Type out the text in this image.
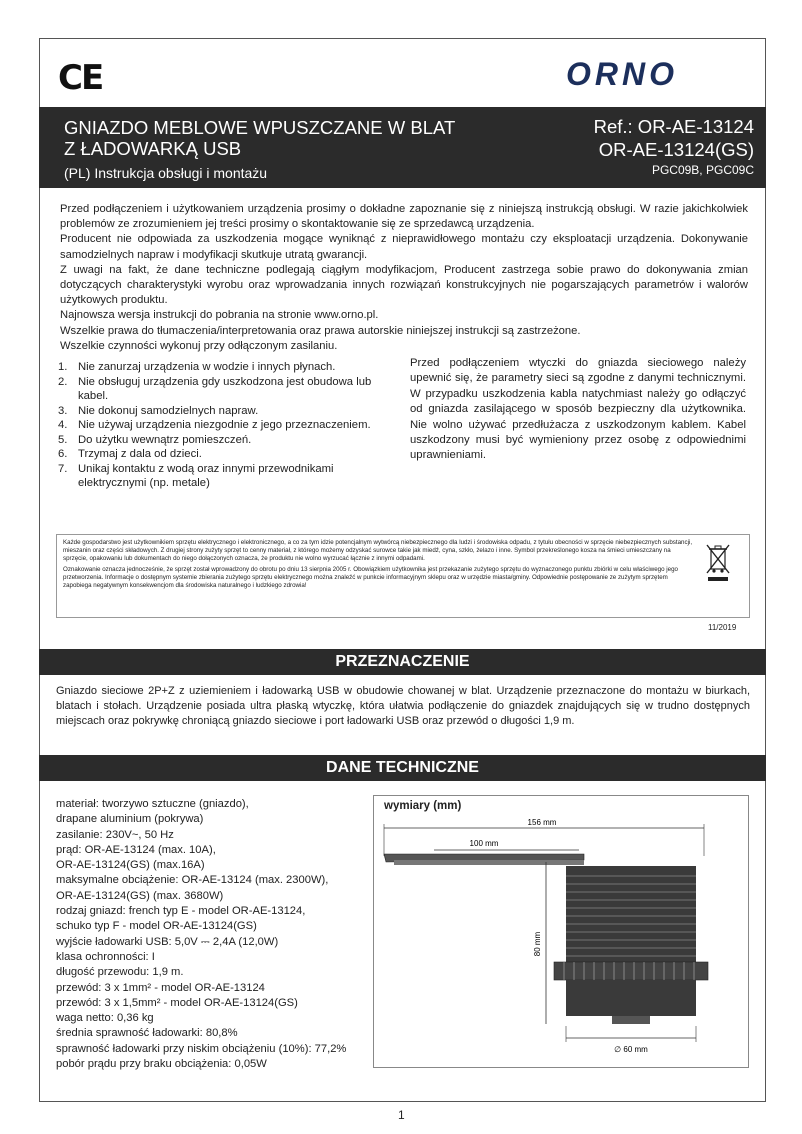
CE	ORNO
GNIAZDO MEBLOWE WPUSZCZANE W BLAT
Z ŁADOWARKĄ USB
(PL) Instrukcja obsługi i montażu
Ref.: OR-AE-13124
OR-AE-13124(GS)
PGC09B, PGC09C

Przed podłączeniem i użytkowaniem urządzenia prosimy o dokładne zapoznanie się z niniejszą instrukcją obsługi. W razie jakichkolwiek problemów ze zrozumieniem jej treści prosimy o skontaktowanie się ze sprzedawcą urządzenia.

Producent nie odpowiada za uszkodzenia mogące wyniknąć z nieprawidłowego montażu czy eksploatacji urządzenia. Dokonywanie samodzielnych napraw i modyfikacji skutkuje utratą gwarancji.

Z uwagi na fakt, że dane techniczne podlegają ciągłym modyfikacjom, Producent zastrzega sobie prawo do dokonywania zmian dotyczących charakterystyki wyrobu oraz wprowadzania innych rozwiązań konstrukcyjnych nie pogarszających parametrów i walorów użytkowych produktu.

Najnowsza wersja instrukcji do pobrania na stronie www.orno.pl.

Wszelkie prawa do tłumaczenia/interpretowania oraz prawa autorskie niniejszej instrukcji są zastrzeżone.

Wszelkie czynności wykonuj przy odłączonym zasilaniu.

1. Nie zanurzaj urządzenia w wodzie i innych płynach.
2. Nie obsługuj urządzenia gdy uszkodzona jest obudowa lub kabel.
3. Nie dokonuj samodzielnych napraw.
4. Nie używaj urządzenia niezgodnie z jego przeznaczeniem.
5. Do użytku wewnątrz pomieszczeń.
6. Trzymaj z dala od dzieci.
7. Unikaj kontaktu z wodą oraz innymi przewodnikami elektrycznymi (np. metale)
Przed podłączeniem wtyczki do gniazda sieciowego należy upewnić się, że parametry sieci są zgodne z danymi technicznymi. W przypadku uszkodzenia kabla natychmiast należy go odłączyć od gniazda zasilającego w sposób bezpieczny dla użytkownika. Nie wolno używać przedłużacza z uszkodzonym kablem. Kabel uszkodzony musi być wymieniony przez osobę z odpowiednimi uprawnieniami.

Każde gospodarstwo jest użytkownikiem sprzętu elektrycznego i elektronicznego, a co za tym idzie potencjalnym wytwórcą niebezpiecznego dla ludzi i środowiska odpadu, z tytułu obecności w sprzęcie niebezpiecznych substancji, mieszanin oraz części składowych. Z drugiej strony zużyty sprzęt to cenny materiał, z którego możemy odzyskać surowce takie jak miedź, cyna, szkło, żelazo i inne. Symbol przekreślonego kosza na śmieci umieszczany na sprzęcie, opakowaniu lub dokumentach do niego dołączonych oznacza, że produktu nie wolno wyrzucać łącznie z innymi odpadami.

Oznakowanie oznacza jednocześnie, że sprzęt został wprowadzony do obrotu po dniu 13 sierpnia 2005 r. Obowiązkiem użytkownika jest przekazanie zużytego sprzętu do wyznaczonego punktu zbiórki w celu właściwego jego przetworzenia. Informacje o dostępnym systemie zbierania zużytego sprzętu elektrycznego można znaleźć w punkcie informacyjnym sklepu oraz w urzędzie miasta/gminy. Odpowiednie postępowanie ze zużytym sprzętem zapobiega negatywnym konsekwencjom dla środowiska naturalnego i ludzkiego zdrowia!

11/2019
PRZEZNACZENIE
Gniazdo sieciowe 2P+Z z uziemieniem i ładowarką USB w obudowie chowanej w blat. Urządzenie przeznaczone do montażu w biurkach, blatach i stołach. Urządzenie posiada ultra płaską wtyczkę, która ułatwia podłączenie do gniazdek znajdujących się w trudno dostępnych miejscach oraz pokrywkę chroniącą gniazdo sieciowe i port ładowarki USB oraz przewód o długości 1,9 m.
DANE TECHNICZNE
materiał: tworzywo sztuczne (gniazdo),
drapane aluminium (pokrywa)
zasilanie: 230V~, 50 Hz
prąd: OR-AE-13124 (max. 10A),
OR-AE-13124(GS) (max.16A)
maksymalne obciążenie: OR-AE-13124 (max. 2300W),
OR-AE-13124(GS) (max. 3680W)
rodzaj gniazd: french typ E - model OR-AE-13124,
schuko typ F - model OR-AE-13124(GS)
wyjście ładowarki USB: 5,0V ⎓ 2,4A (12,0W)
klasa ochronności: I
długość przewodu: 1,9 m.
przewód: 3 x 1mm² - model OR-AE-13124
przewód: 3 x 1,5mm² - model OR-AE-13124(GS)
waga netto: 0,36 kg
średnia sprawność ładowarki: 80,8%
sprawność ładowarki przy niskim obciążeniu (10%): 77,2%
pobór prądu przy braku obciążenia: 0,05W
wymiary (mm)
156 mm
100 mm
80 mm
∅ 60 mm
1
